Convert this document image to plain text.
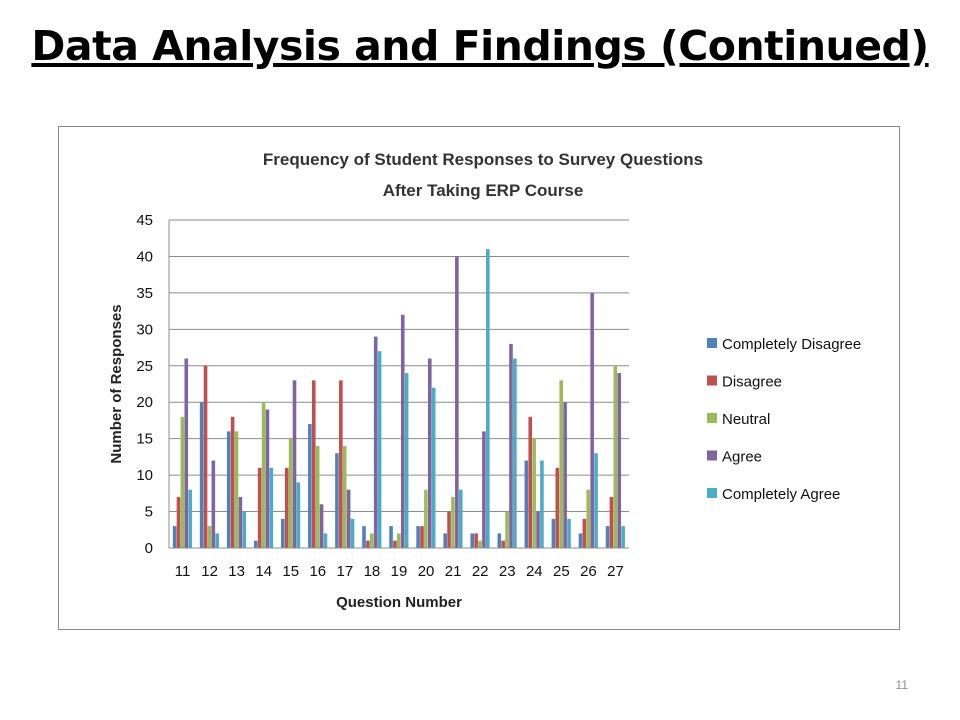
Data Analysis and Findings (Continued)
Frequency of Student Responses to Survey Questions
After Taking ERP Course
0
5
10
15
20
25
30
35
40
45
11 12 13 14 15 16 17 18 19 20 21 22 23 24 25 26 27
Question Number
Number of Responses	Completely Disagree
Disagree
Neutral
Agree
Completely Agree
11
